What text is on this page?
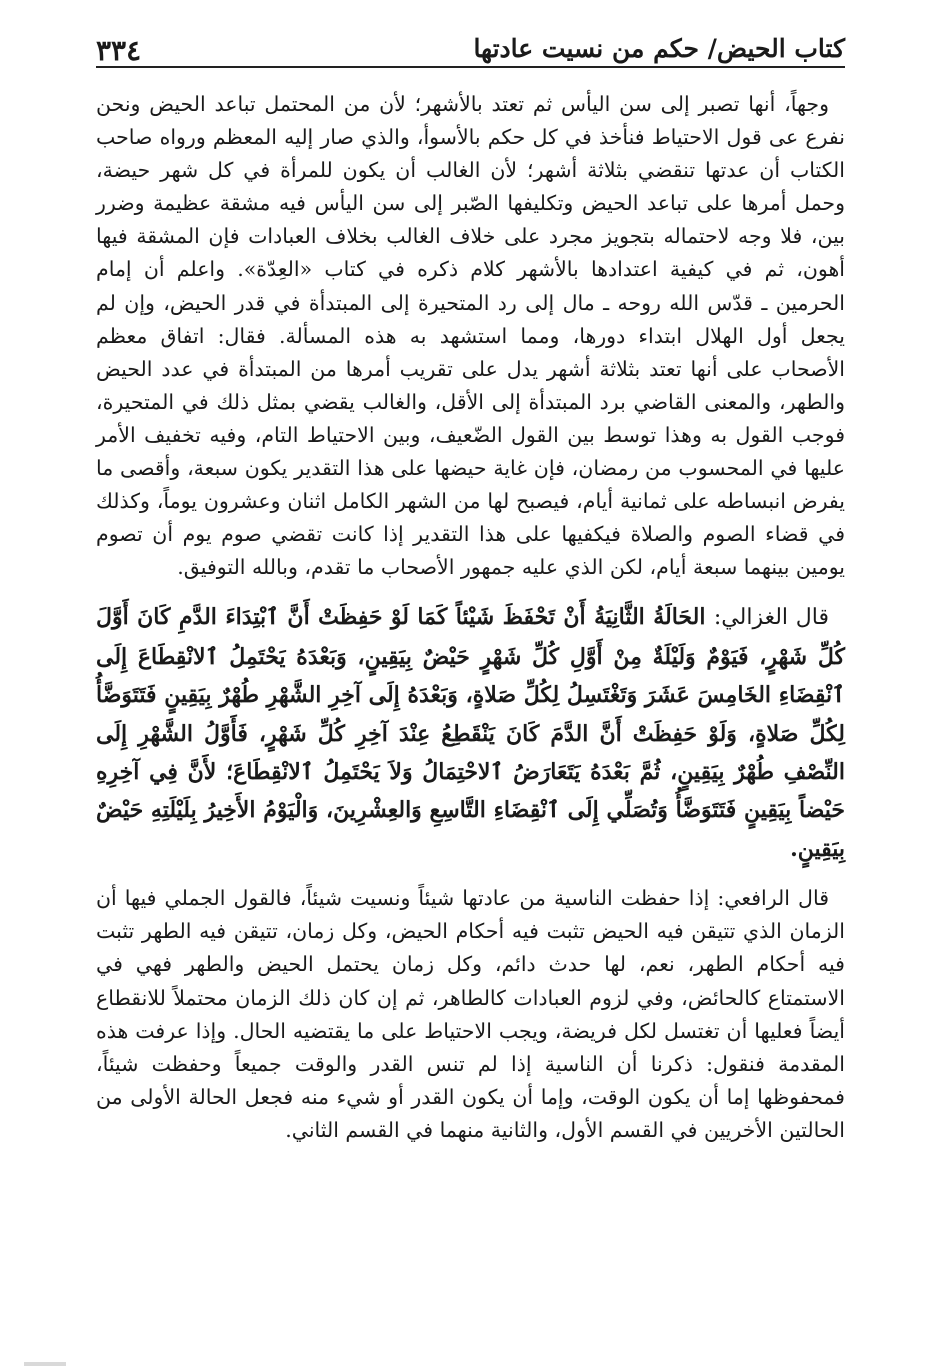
كتاب الحيض/ حكم من نسيت عادتها
٣٣٤

وجهاً، أنها تصبر إلى سن اليأس ثم تعتد بالأشهر؛ لأن من المحتمل تباعد الحيض ونحن نفرع عى قول الاحتياط فنأخذ في كل حكم بالأسوأ، والذي صار إليه المعظم ورواه صاحب الكتاب أن عدتها تنقضي بثلاثة أشهر؛ لأن الغالب أن يكون للمرأة في كل شهر حيضة، وحمل أمرها على تباعد الحيض وتكليفها الصّبر إلى سن اليأس فيه مشقة عظيمة وضرر بين، فلا وجه لاحتماله بتجويز مجرد على خلاف الغالب بخلاف العبادات فإن المشقة فيها أهون، ثم في كيفية اعتدادها بالأشهر كلام ذكره في كتاب «العِدّة». واعلم أن إمام الحرمين ـ قدّس الله روحه ـ مال إلى رد المتحيرة إلى المبتدأة في قدر الحيض، وإن لم يجعل أول الهلال ابتداء دورها، ومما استشهد به هذه المسألة. فقال: اتفاق معظم الأصحاب على أنها تعتد بثلاثة أشهر يدل على تقريب أمرها من المبتدأة في عدد الحيض والطهر، والمعنى القاضي برد المبتدأة إلى الأقل، والغالب يقضي بمثل ذلك في المتحيرة، فوجب القول به وهذا توسط بين القول الضّعيف، وبين الاحتياط التام، وفيه تخفيف الأمر عليها في المحسوب من رمضان، فإن غاية حيضها على هذا التقدير يكون سبعة، وأقصى ما يفرض انبساطه على ثمانية أيام، فيصبح لها من الشهر الكامل اثنان وعشرون يوماً، وكذلك في قضاء الصوم والصلاة فيكفيها على هذا التقدير إذا كانت تقضي صوم يوم أن تصوم يومين بينهما سبعة أيام، لكن الذي عليه جمهور الأصحاب ما تقدم، وبالله التوفيق.

قال الغزالي: الحَالَةُ الثَّانِيَةُ أَنْ تَحْفَظَ شَيْئاً كَمَا لَوْ حَفِظَتْ أَنَّ ٱبْتِدَاءَ الدَّمِ كَانَ أَوَّلَ كُلِّ شَهْرٍ، فَيَوْمٌ وَلَيْلَةٌ مِنْ أَوَّلِ كُلِّ شَهْرٍ حَيْضٌ بِيَقِينٍ، وَبَعْدَهُ يَحْتَمِلُ ٱلانْقِطَاعَ إِلَى ٱنْقِضَاءِ الخَامِسَ عَشَرَ وَتَغْتَسِلُ لِكُلِّ صَلاةٍ، وَبَعْدَهُ إِلَى آخِرِ الشَّهْرِ طُهْرٌ بِيَقِينٍ فَتَتَوَضَّأُ لِكُلِّ صَلاةٍ، وَلَوْ حَفِظَتْ أَنَّ الدَّمَ كَانَ يَنْقَطِعُ عِنْدَ آخِرِ كُلِّ شَهْرٍ، فَأَوَّلُ الشَّهْرِ إِلَى النِّصْفِ طُهْرٌ بِيَقِينٍ، ثُمَّ بَعْدَهُ يَتَعَارَضُ ٱلاحْتِمَالُ وَلاَ يَحْتَمِلُ ٱلانْقِطَاعَ؛ لأَنَّ فِي آخِرِهِ حَيْضاً بِيَقِينٍ فَتَتَوَضَّأُ وَتُصَلِّي إِلَى ٱنْقِضَاءِ التَّاسِعِ وَالعِشْرِينَ، وَالْيَوْمُ الأَخِيرُ بِلَيْلَتِهِ حَيْضٌ بِيَقِينٍ.

قال الرافعي: إذا حفظت الناسية من عادتها شيئاً ونسيت شيئاً، فالقول الجملي فيها أن الزمان الذي تتيقن فيه الحيض تثبت فيه أحكام الحيض، وكل زمان، تتيقن فيه الطهر تثبت فيه أحكام الطهر، نعم، لها حدث دائم، وكل زمان يحتمل الحيض والطهر فهي في الاستمتاع كالحائض، وفي لزوم العبادات كالطاهر، ثم إن كان ذلك الزمان محتملاً للانقطاع أيضاً فعليها أن تغتسل لكل فريضة، ويجب الاحتياط على ما يقتضيه الحال. وإذا عرفت هذه المقدمة فنقول: ذكرنا أن الناسية إذا لم تنس القدر والوقت جميعاً وحفظت شيئاً، فمحفوظها إما أن يكون الوقت، وإما أن يكون القدر أو شيء منه فجعل الحالة الأولى من الحالتين الأخريين في القسم الأول، والثانية منهما في القسم الثاني.
